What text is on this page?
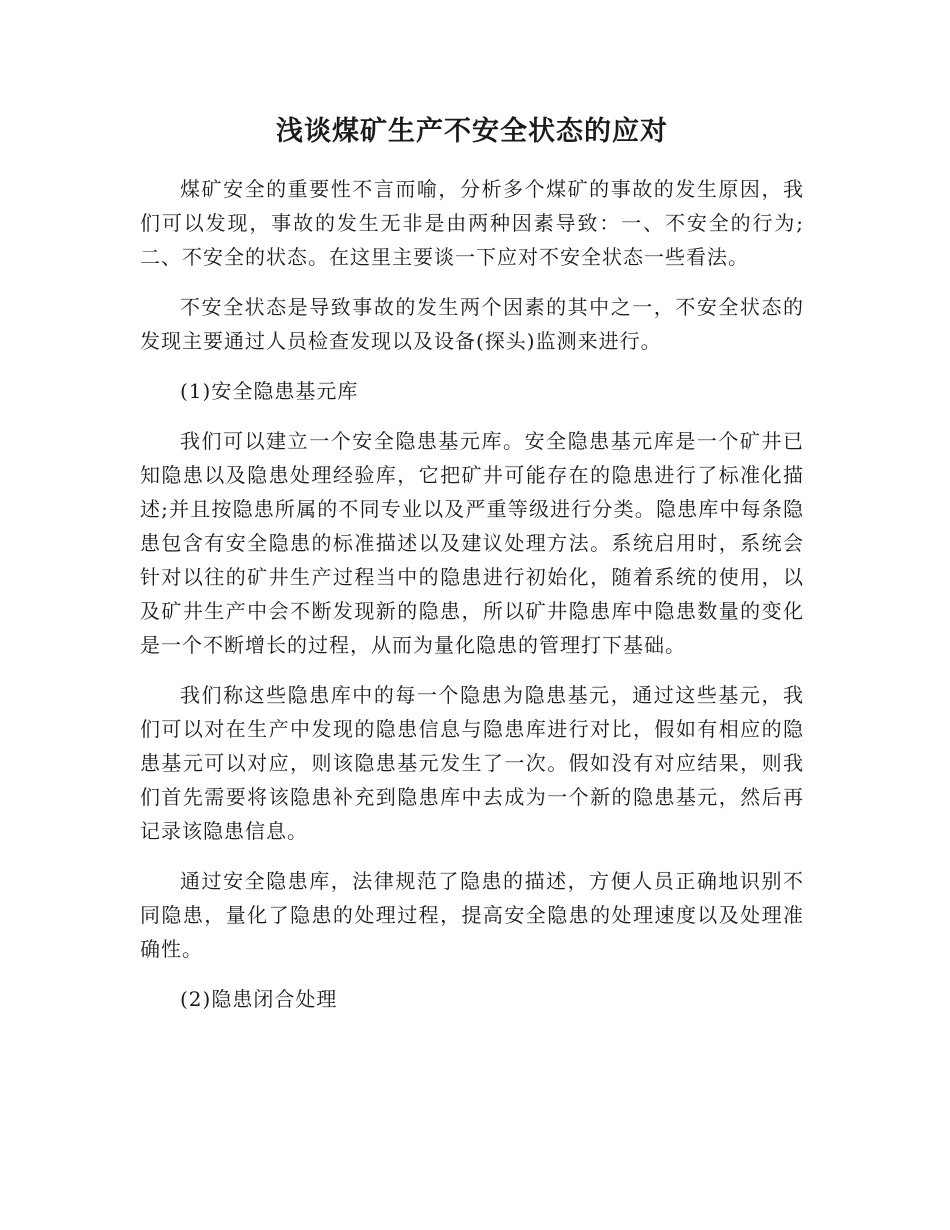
浅谈煤矿生产不安全状态的应对

煤矿安全的重要性不言而喻，分析多个煤矿的事故的发生原因，我们可以发现，事故的发生无非是由两种因素导致：一、不安全的行为;二、不安全的状态。在这里主要谈一下应对不安全状态一些看法。

不安全状态是导致事故的发生两个因素的其中之一，不安全状态的发现主要通过人员检查发现以及设备(探头)监测来进行。

(1)安全隐患基元库

我们可以建立一个安全隐患基元库。安全隐患基元库是一个矿井已知隐患以及隐患处理经验库，它把矿井可能存在的隐患进行了标准化描述;并且按隐患所属的不同专业以及严重等级进行分类。隐患库中每条隐患包含有安全隐患的标准描述以及建议处理方法。系统启用时，系统会针对以往的矿井生产过程当中的隐患进行初始化，随着系统的使用，以及矿井生产中会不断发现新的隐患，所以矿井隐患库中隐患数量的变化是一个不断增长的过程，从而为量化隐患的管理打下基础。

我们称这些隐患库中的每一个隐患为隐患基元，通过这些基元，我们可以对在生产中发现的隐患信息与隐患库进行对比，假如有相应的隐患基元可以对应，则该隐患基元发生了一次。假如没有对应结果，则我们首先需要将该隐患补充到隐患库中去成为一个新的隐患基元，然后再记录该隐患信息。

通过安全隐患库，法律规范了隐患的描述，方便人员正确地识别不同隐患，量化了隐患的处理过程，提高安全隐患的处理速度以及处理准确性。

(2)隐患闭合处理
